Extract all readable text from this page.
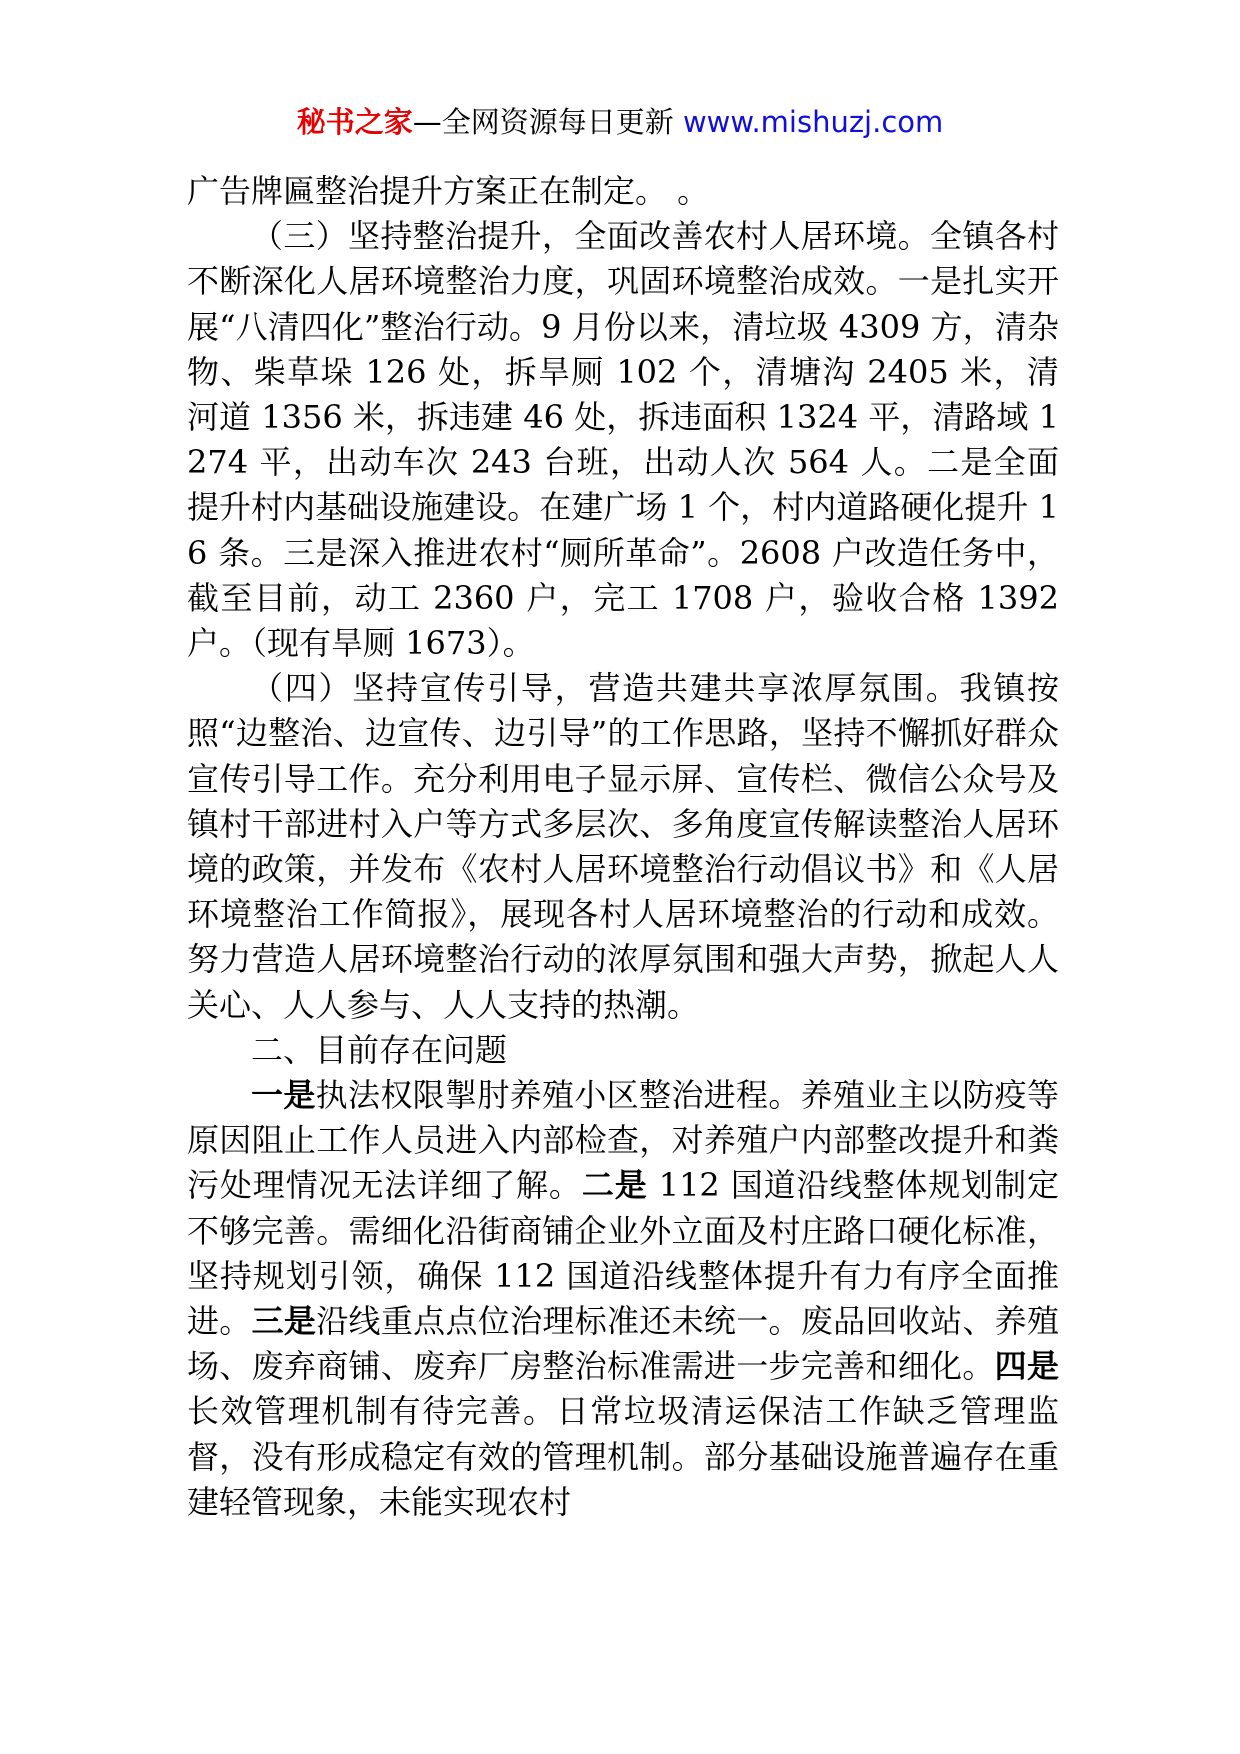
秘书之家—全网资源每日更新 www.mishuzj.com

广告牌匾整治提升方案正在制定。 。

（三）坚持整治提升，全面改善农村人居环境。全镇各村不断深化人居环境整治力度，巩固环境整治成效。一是扎实开展“八清四化”整治行动。9 月份以来，清垃圾 4309 方，清杂物、柴草垛 126 处，拆旱厕 102 个，清塘沟 2405 米，清河道 1356 米，拆违建 46 处，拆违面积 1324 平，清路域 1274 平，出动车次 243 台班，出动人次 564 人。二是全面提升村内基础设施建设。在建广场 1 个，村内道路硬化提升 16 条。三是深入推进农村“厕所革命”。2608 户改造任务中，截至目前，动工 2360 户，完工 1708 户，验收合格 1392 户。（现有旱厕 1673）。

（四）坚持宣传引导，营造共建共享浓厚氛围。我镇按照“边整治、边宣传、边引导”的工作思路，坚持不懈抓好群众宣传引导工作。充分利用电子显示屏、宣传栏、微信公众号及镇村干部进村入户等方式多层次、多角度宣传解读整治人居环境的政策，并发布《农村人居环境整治行动倡议书》和《人居环境整治工作简报》，展现各村人居环境整治的行动和成效。努力营造人居环境整治行动的浓厚氛围和强大声势，掀起人人关心、人人参与、人人支持的热潮。

二、目前存在问题

一是执法权限掣肘养殖小区整治进程。养殖业主以防疫等原因阻止工作人员进入内部检查，对养殖户内部整改提升和粪污处理情况无法详细了解。二是 112 国道沿线整体规划制定不够完善。需细化沿街商铺企业外立面及村庄路口硬化标准，坚持规划引领，确保 112 国道沿线整体提升有力有序全面推进。三是沿线重点点位治理标准还未统一。废品回收站、养殖场、废弃商铺、废弃厂房整治标准需进一步完善和细化。四是长效管理机制有待完善。日常垃圾清运保洁工作缺乏管理监督，没有形成稳定有效的管理机制。部分基础设施普遍存在重建轻管现象，未能实现农村
